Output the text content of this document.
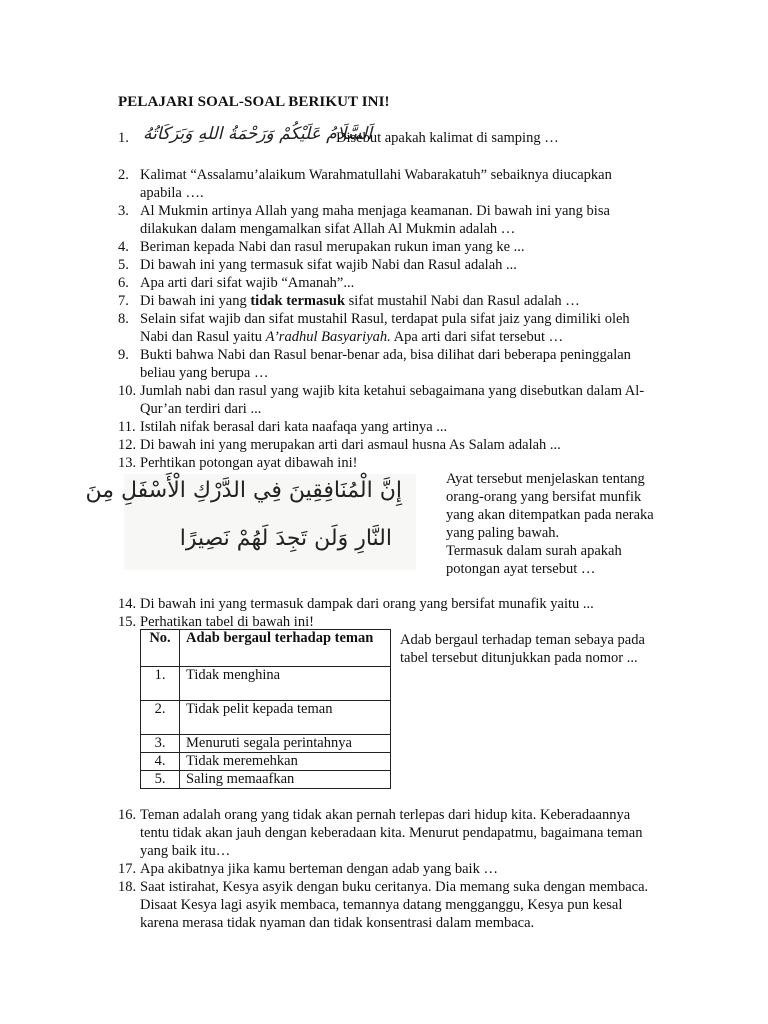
PELAJARI SOAL-SOAL BERIKUT INI!
1. اَلسَّلَامُ عَلَيْكُمْ وَرَحْمَةُ اللهِ وَبَرَكَاتُهُ
Disebut apakah kalimat di samping …
2. Kalimat “Assalamu’alaikum Warahmatullahi Wabarakatuh” sebaiknya diucapkan
apabila ….
3. Al Mukmin artinya Allah yang maha menjaga keamanan. Di bawah ini yang bisa
dilakukan dalam mengamalkan sifat Allah Al Mukmin adalah …
4. Beriman kepada Nabi dan rasul merupakan rukun iman yang ke ...
5. Di bawah ini yang termasuk sifat wajib Nabi dan Rasul adalah ...
6. Apa arti dari sifat wajib “Amanah”...
7. Di bawah ini yang tidak termasuk sifat mustahil Nabi dan Rasul adalah …
8. Selain sifat wajib dan sifat mustahil Rasul, terdapat pula sifat jaiz yang dimiliki oleh
Nabi dan Rasul yaitu A’radhul Basyariyah. Apa arti dari sifat tersebut …
9. Bukti bahwa Nabi dan Rasul benar-benar ada, bisa dilihat dari beberapa peninggalan
beliau yang berupa …
10. Jumlah nabi dan rasul yang wajib kita ketahui sebagaimana yang disebutkan dalam Al-
Qur’an terdiri dari ...
11. Istilah nifak berasal dari kata naafaqa yang artinya ...
12. Di bawah ini yang merupakan arti dari asmaul husna As Salam adalah ...
13. Perhtikan potongan ayat dibawah ini!
إِنَّ الْمُنَافِقِينَ فِي الدَّرْكِ الْأَسْفَلِ مِنَ
النَّارِ وَلَن تَجِدَ لَهُمْ نَصِيرًا
Ayat tersebut menjelaskan tentang
orang-orang yang bersifat munfik
yang akan ditempatkan pada neraka
yang paling bawah.
Termasuk dalam surah apakah
potongan ayat tersebut …
14. Di bawah ini yang termasuk dampak dari orang yang bersifat munafik yaitu ...
15. Perhatikan tabel di bawah ini!
No.	Adab bergaul terhadap teman
1.	Tidak menghina
2.	Tidak pelit kepada teman
3.	Menuruti segala perintahnya
4.	Tidak meremehkan
5.	Saling memaafkan
Adab bergaul terhadap teman sebaya pada
tabel tersebut ditunjukkan pada nomor ...
16. Teman adalah orang yang tidak akan pernah terlepas dari hidup kita. Keberadaannya
tentu tidak akan jauh dengan keberadaan kita. Menurut pendapatmu, bagaimana teman
yang baik itu…
17. Apa akibatnya jika kamu berteman dengan adab yang baik …
18. Saat istirahat, Kesya asyik dengan buku ceritanya. Dia memang suka dengan membaca.
Disaat Kesya lagi asyik membaca, temannya datang mengganggu, Kesya pun kesal
karena merasa tidak nyaman dan tidak konsentrasi dalam membaca.
